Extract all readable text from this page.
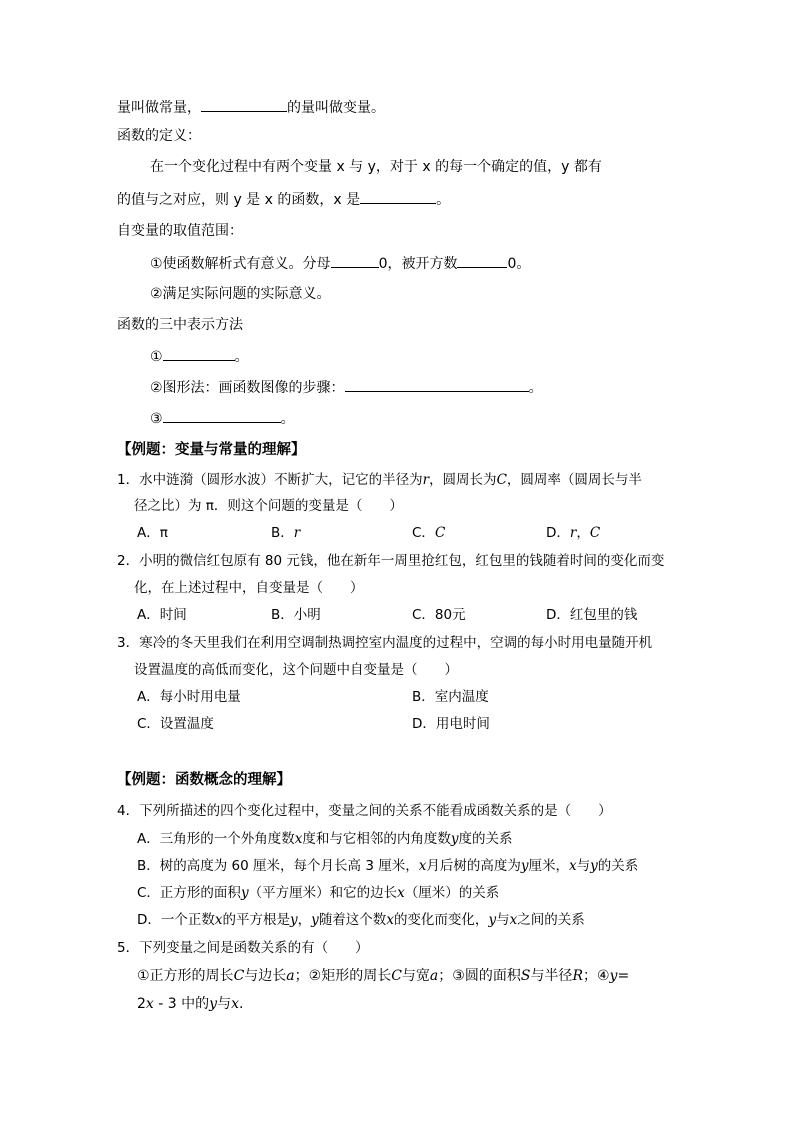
量叫做常量，	的量叫做变量。
函数的定义：
在一个变化过程中有两个变量 x 与 y，对于 x 的每一个确定的值，y 都有
的值与之对应，则 y 是 x 的函数，x 是	。
自变量的取值范围：
①使函数解析式有意义。分母	0，被开方数	0。
②满足实际问题的实际意义。
函数的三中表示方法
①	。
②图形法：画函数图像的步骤：	。
③	。
【例题：变量与常量的理解】
1．水中涟漪（圆形水波）不断扩大，记它的半径为r，圆周长为C，圆周率（圆周长与半
径之比）为 π．则这个问题的变量是（　　）
A．π	B．r	C．C	D．r，C
2．小明的微信红包原有 80 元钱，他在新年一周里抢红包，红包里的钱随着时间的变化而变
化，在上述过程中，自变量是（　　）
A．时间	B．小明	C．80元	D．红包里的钱
3．寒冷的冬天里我们在利用空调制热调控室内温度的过程中，空调的每小时用电量随开机
设置温度的高低而变化，这个问题中自变量是（　　）
A．每小时用电量	B．室内温度
C．设置温度	D．用电时间
【例题：函数概念的理解】
4．下列所描述的四个变化过程中，变量之间的关系不能看成函数关系的是（　　）
A．三角形的一个外角度数x度和与它相邻的内角度数y度的关系
B．树的高度为 60 厘米，每个月长高 3 厘米，x月后树的高度为y厘米，x与y的关系
C．正方形的面积y（平方厘米）和它的边长x（厘米）的关系
D．一个正数x的平方根是y，y随着这个数x的变化而变化，y与x之间的关系
5．下列变量之间是函数关系的有（　　）
①正方形的周长C与边长a；②矩形的周长C与宽a；③圆的面积S与半径R；④y=
2x - 3 中的y与x.
